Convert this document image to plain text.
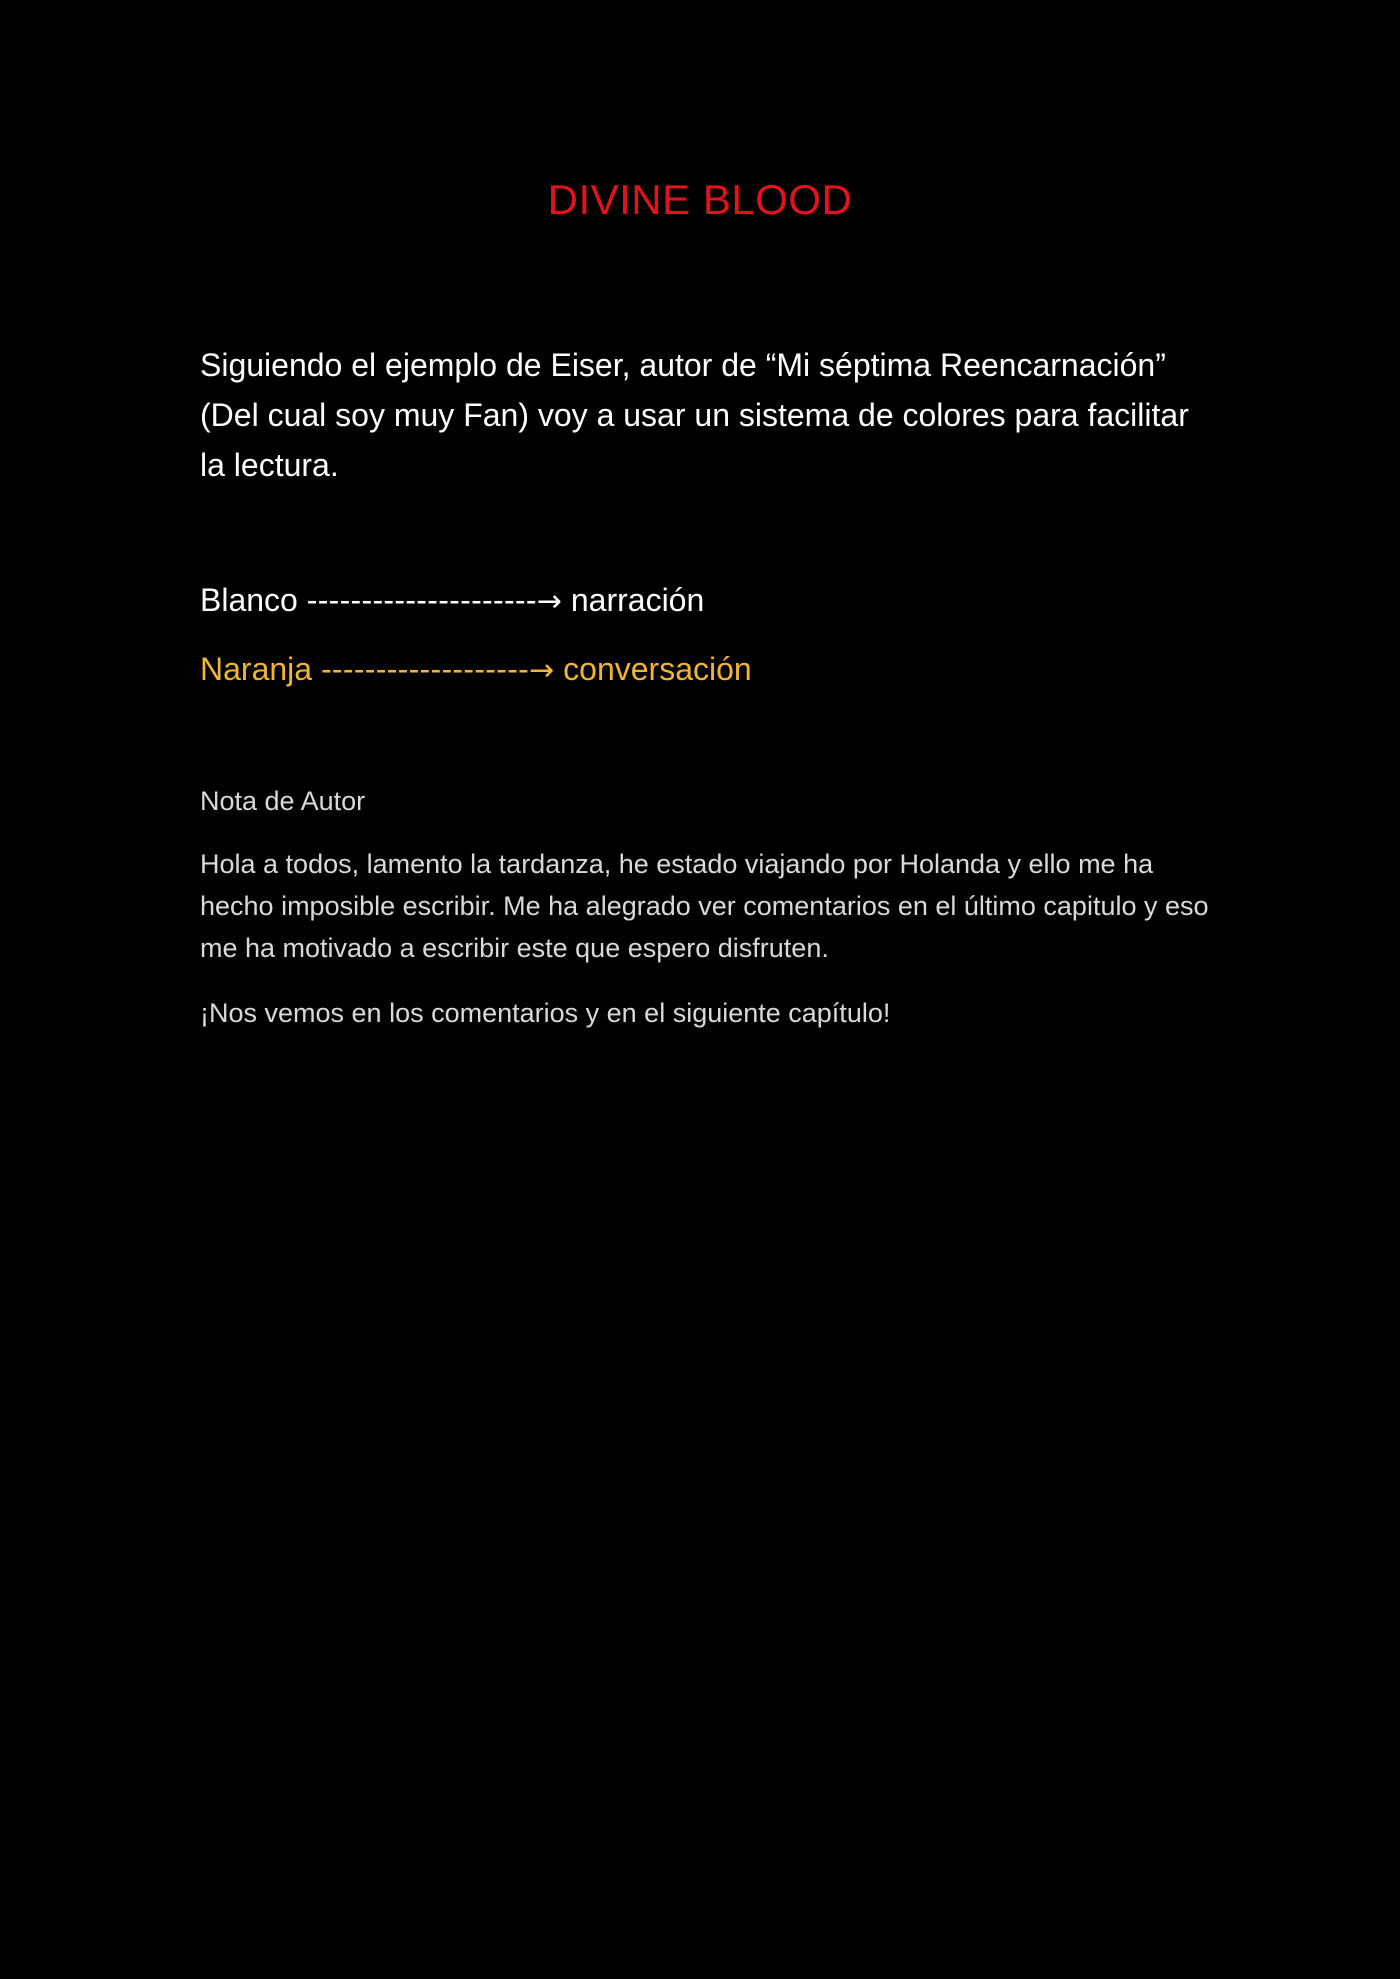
DIVINE BLOOD

Siguiendo el ejemplo de Eiser, autor de “Mi séptima Reencarnación” (Del cual soy muy Fan) voy a usar un sistema de colores para facilitar la lectura.

Blanco ---------------------→ narración

Naranja -------------------→ conversación

Nota de Autor

Hola a todos, lamento la tardanza, he estado viajando por Holanda y ello me ha hecho imposible escribir. Me ha alegrado ver comentarios en el último capitulo y eso me ha motivado a escribir este que espero disfruten.

¡Nos vemos en los comentarios y en el siguiente capítulo!
